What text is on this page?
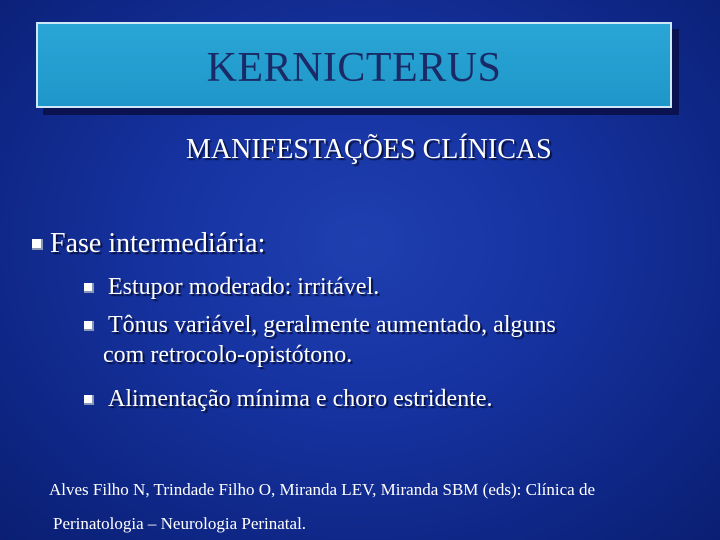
KERNICTERUS
MANIFESTAÇÕES CLÍNICAS
Fase intermediária:
Estupor moderado: irritável.
Tônus variável, geralmente aumentado, alguns
com retrocolo-opistótono.
Alimentação mínima e choro estridente.
Alves Filho N, Trindade Filho O, Miranda LEV, Miranda SBM (eds): Clínica de
Perinatologia – Neurologia Perinatal.
